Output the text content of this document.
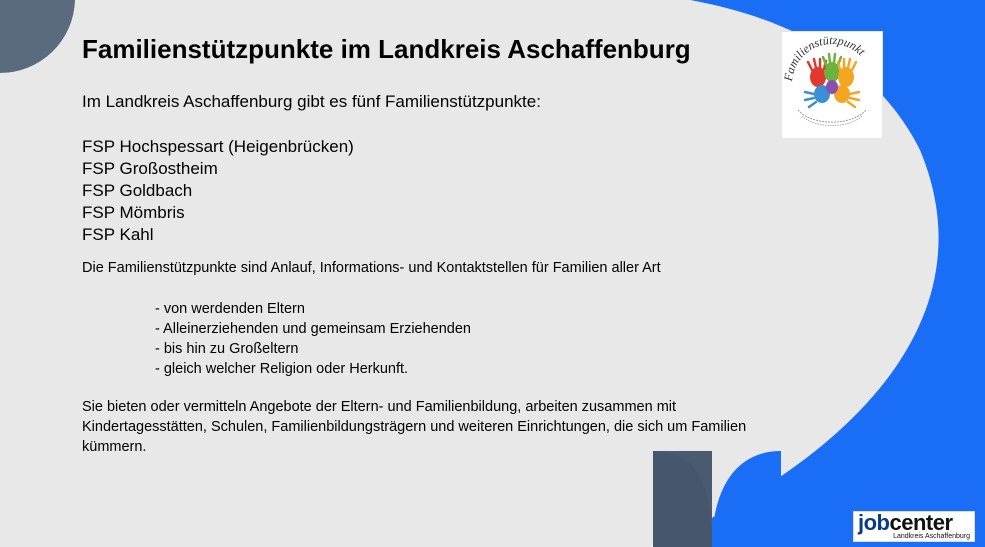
Familienstützpunkte im Landkreis Aschaffenburg
Im Landkreis Aschaffenburg gibt es fünf Familienstützpunkte:
FSP Hochspessart (Heigenbrücken)
FSP Großostheim
FSP Goldbach
FSP Mömbris
FSP Kahl
Die Familienstützpunkte sind Anlauf, Informations- und Kontaktstellen für Familien aller Art
- von werdenden Eltern
- Alleinerziehenden und gemeinsam Erziehenden
- bis hin zu Großeltern
- gleich welcher Religion oder Herkunft.
Sie bieten oder vermitteln Angebote der Eltern- und Familienbildung, arbeiten zusammen mit Kindertagesstätten, Schulen, Familienbildungsträgern und weiteren Einrichtungen, die sich um Familien kümmern.
Familienstützpunkt
jobcenter
Landkreis Aschaffenburg
